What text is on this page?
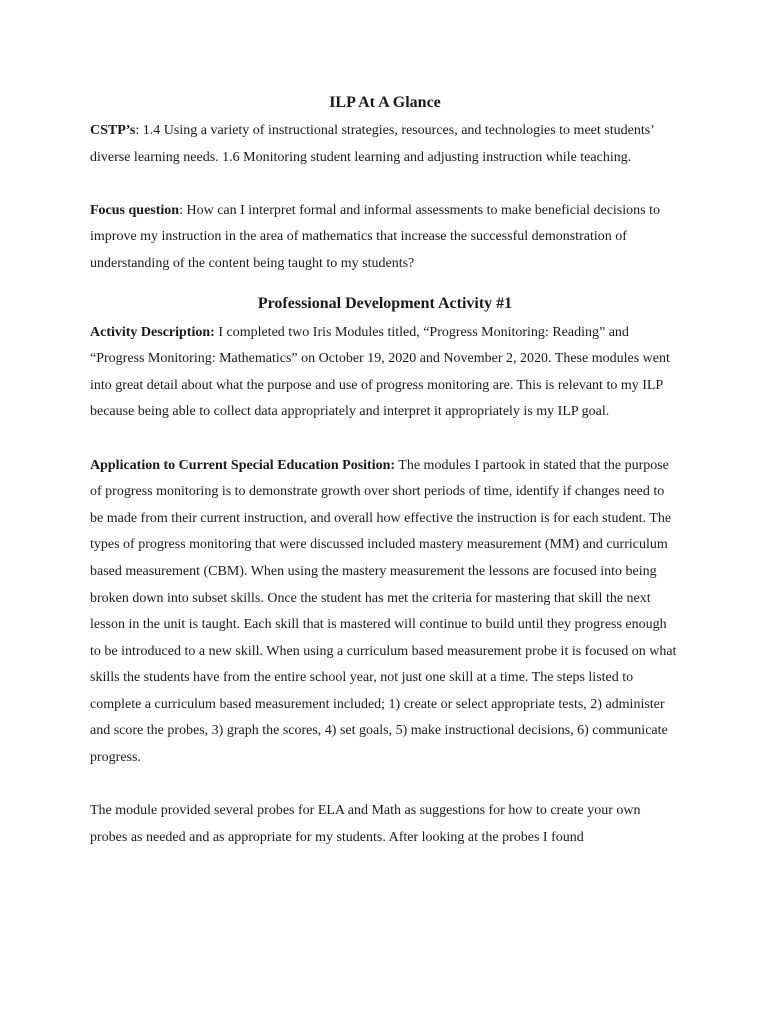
ILP At A Glance

CSTP’s: 1.4 Using a variety of instructional strategies, resources, and technologies to meet students’ diverse learning needs. 1.6 Monitoring student learning and adjusting instruction while teaching.

Focus question: How can I interpret formal and informal assessments to make beneficial decisions to improve my instruction in the area of mathematics that increase the successful demonstration of understanding of the content being taught to my students?

Professional Development Activity #1

Activity Description: I completed two Iris Modules titled, “Progress Monitoring: Reading” and “Progress Monitoring: Mathematics” on October 19, 2020 and November 2, 2020. These modules went into great detail about what the purpose and use of progress monitoring are. This is relevant to my ILP because being able to collect data appropriately and interpret it appropriately is my ILP goal.

Application to Current Special Education Position: The modules I partook in stated that the purpose of progress monitoring is to demonstrate growth over short periods of time, identify if changes need to be made from their current instruction, and overall how effective the instruction is for each student. The types of progress monitoring that were discussed included mastery measurement (MM) and curriculum based measurement (CBM). When using the mastery measurement the lessons are focused into being broken down into subset skills. Once the student has met the criteria for mastering that skill the next lesson in the unit is taught. Each skill that is mastered will continue to build until they progress enough to be introduced to a new skill. When using a curriculum based measurement probe it is focused on what skills the students have from the entire school year, not just one skill at a time. The steps listed to complete a curriculum based measurement included; 1) create or select appropriate tests, 2) administer and score the probes, 3) graph the scores, 4) set goals, 5) make instructional decisions, 6) communicate progress.

The module provided several probes for ELA and Math as suggestions for how to create your own probes as needed and as appropriate for my students. After looking at the probes I found
